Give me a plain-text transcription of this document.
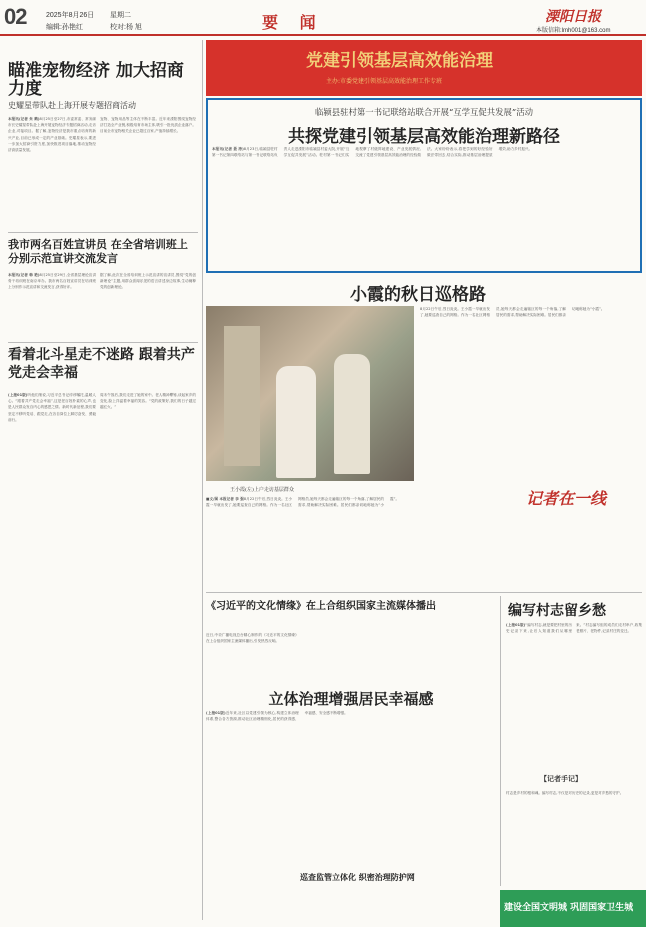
02	2025年8月26日 星期二
编辑:孙艳红	校对:杨 旭	要 闻	溧阳日报
本版信箱:lmh001@163.com
瞄准宠物经济 加大招商力度
史耀星带队赴上海开展专题招商活动
本报讯(记者 朱 鹤)8月25日至27日,市委常委、常务副市长史耀星带队赴上海开展宠物经济专题招商活动,走访企业,对接项目。据了解,宠物经济是我市重点培育的新兴产业,目前已形成一定的产业基础。史耀星表示,要进一步加大招商引资力度,加快推进项目落地,推动宠物经济高质量发展。
宠物、宠物用品等主体在不断丰富。近年来溧阳围绕宠物经济打造全产业链,积极培育市场主体,吸引一批优质企业落户。目前全市宠物相关企业已超过百家,产值持续增长。
我市两名百姓宣讲员 在全省培训班上分别示范宣讲交流发言
本报讯(记者 韩 艳)8月25日至29日,全省基层理论宣讲骨干培训班在南京举办。我市两名百姓宣讲员在培训班上分别作示范宣讲和交流发言,获得好评。
据了解,此次在全省培训班上示范宣讲的宣讲员,围绕“党的创新理论”主题,用群众喜闻乐见的语言讲述身边故事,生动阐释党的创新理论。
看着北斗星走不迷路 跟着共产党走会幸福
(上接01版)听他们细说,习近平总书记谆谆嘱托,温暖人心。“跟着共产党走会幸福”,这是老百姓朴素的心声,也是人民群众发自内心的感恩之情。新时代新征程,我们要坚定不移听党话、跟党走,在各自岗位上踔厉奋发、勇毅前行。
周末午饭后,我们走进了她的家中。老人精神矍铄,谈起家乡的变化,脸上洋溢着幸福的笑容。“党的政策好,我们的日子越过越红火。”
党建引领基层高效能治理
主办:市委党建引领基层高效能治理工作专班
临颍县驻村第一书记联络站联合开展“互学互促共发展”活动
共探党建引领基层高效能治理新路径
本报讯(记者 聂 涛)8月23日,临颍县驻村第一书记第四联络站与第一书记联络站负责人走进溧阳市临颍县村委大院,开展“互学互促共发展”活动。驻村第一书记们实地观摩了村级阵地建设、产业发展情况,交流了党建引领基层高效能治理的经验做法。大家纷纷表示,将把学到的好经验好做法带回去,结合实际,推动基层治理提质增效,助力乡村振兴。
小霞的秋日巡格路
王小霞(左)上户走访基层群众
8月22日午后,烈日炎炎。王小霞一早就出发了,她要巡查自己的网格。作为一名社区网格员,她每天都会走遍辖区的每一个角落,了解居民的需求,帮助解决实际困难。居民们都亲切地称她为“小霞”。
■文/图 本报记者 李 强8月22日午后,烈日炎炎。王小霞一早就出发了,她要巡查自己的网格。作为一名社区网格员,她每天都会走遍辖区的每一个角落,了解居民的需求,帮助解决实际困难。居民们都亲切地称她为“小霞”。	记者在一线
《习近平的文化情缘》在上合组织国家主流媒体播出
近日,中央广播电视总台精心制作的《习近平的文化情缘》在上合组织国家主流媒体播出,引发热烈反响。
立体治理增强居民幸福感
(上接01版)近年来,社区以党建引领为核心,构建立体治理体系,整合各方资源,推动社区治理精细化,居民的获得感、幸福感、安全感不断增强。
巡查监管立体化 织密治理防护网
编写村志留乡愁
(上接01版)“编写村志,就是要把村里的历史记录下来,让后人知道我们从哪里来。”村志编写组的成员们走村串户,收集老照片、老物件,记录村庄的变迁。
【记者手记】
村志是乡村的根和魂。编写村志,不仅是对历史的记录,更是对乡愁的守护。
建设全国文明城 巩固国家卫生城
